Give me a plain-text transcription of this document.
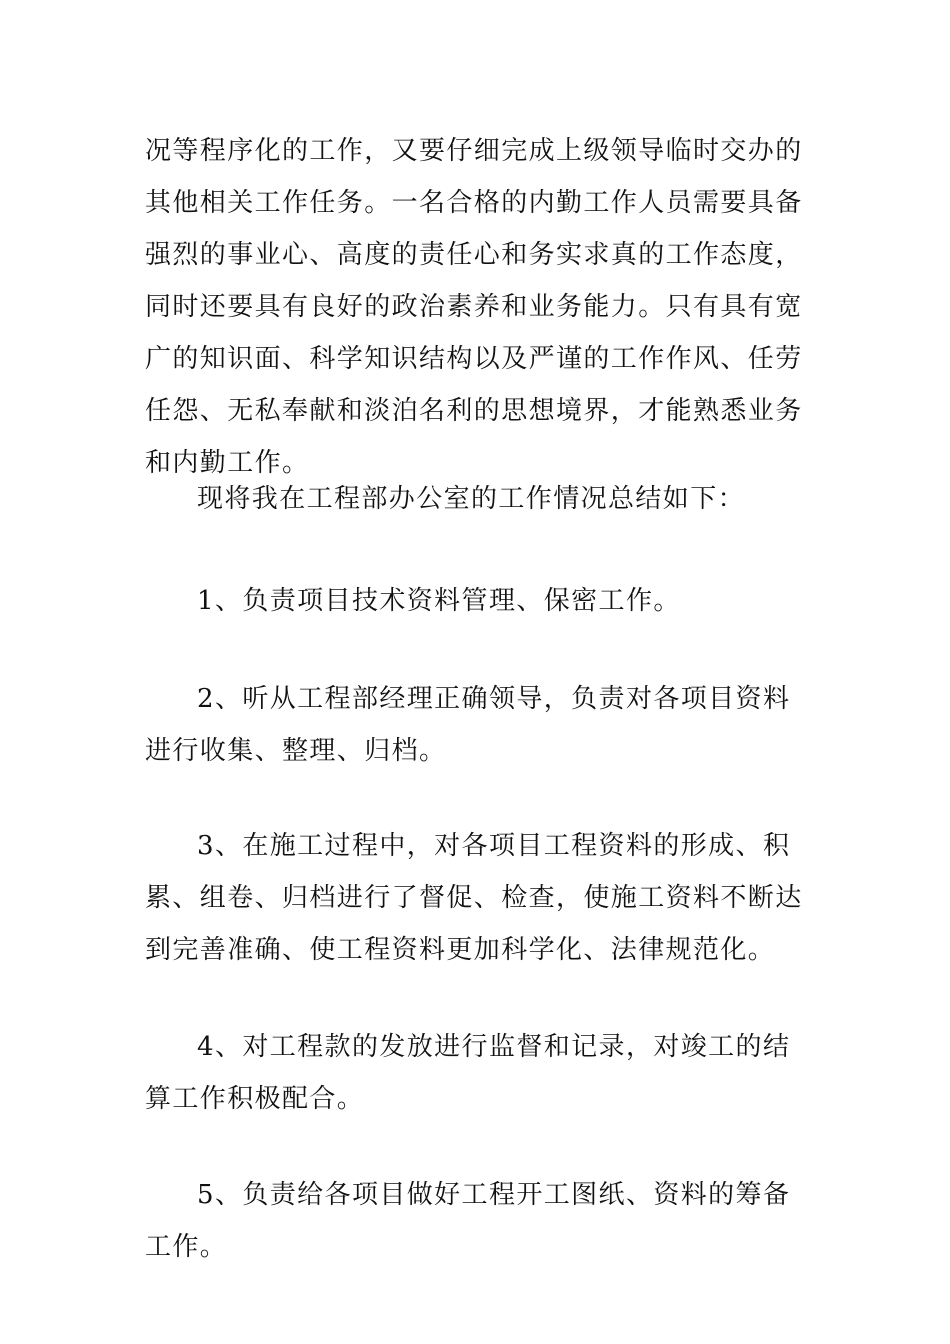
况等程序化的工作，又要仔细完成上级领导临时交办的其他相关工作任务。一名合格的内勤工作人员需要具备强烈的事业心、高度的责任心和务实求真的工作态度，同时还要具有良好的政治素养和业务能力。只有具有宽广的知识面、科学知识结构以及严谨的工作作风、任劳任怨、无私奉献和淡泊名利的思想境界，才能熟悉业务和内勤工作。

现将我在工程部办公室的工作情况总结如下：

1、负责项目技术资料管理、保密工作。

2、听从工程部经理正确领导，负责对各项目资料进行收集、整理、归档。

3、在施工过程中，对各项目工程资料的形成、积累、组卷、归档进行了督促、检查，使施工资料不断达到完善准确、使工程资料更加科学化、法律规范化。

4、对工程款的发放进行监督和记录，对竣工的结算工作积极配合。

5、负责给各项目做好工程开工图纸、资料的筹备工作。
